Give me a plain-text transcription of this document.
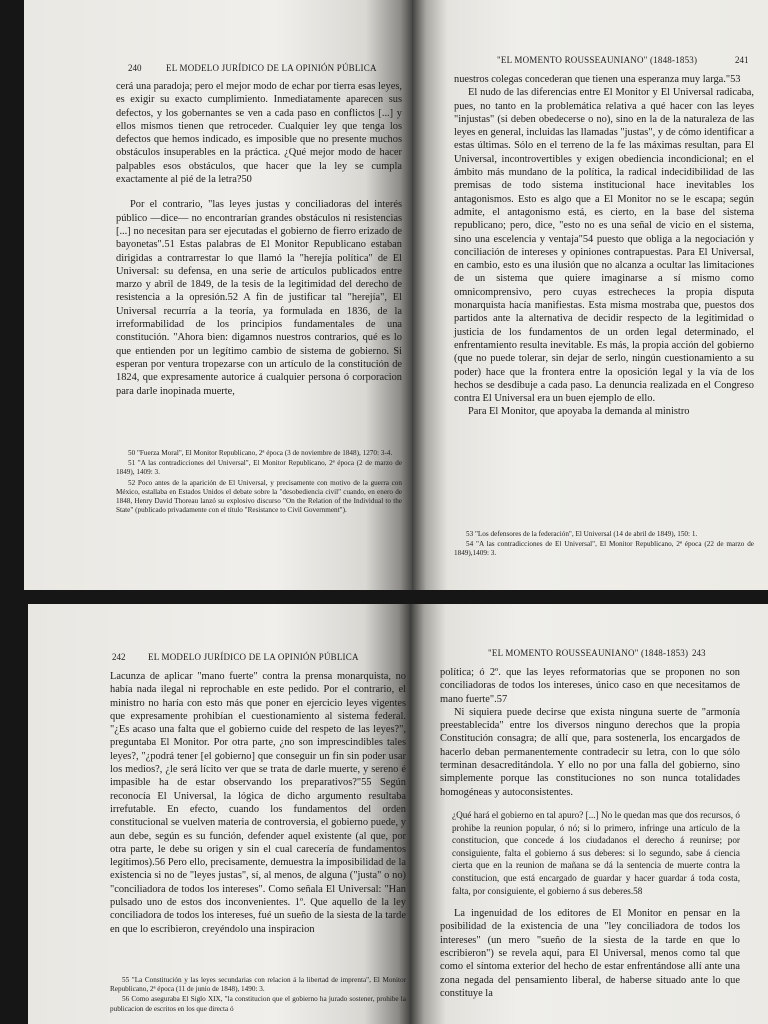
240	EL MODELO JURÍDICO DE LA OPINIÓN PÚBLICA

cerá una paradoja; pero el mejor modo de echar por tierra esas leyes, es exigir su exacto cumplimiento. Inmediatamente aparecen sus defectos, y los gobernantes se ven a cada paso en conflictos [...] y ellos mismos tienen que retroceder. Cualquier ley que tenga los defectos que hemos indicado, es imposible que no presente muchos obstáculos insuperables en la práctica. ¿Qué mejor modo de hacer palpables esos obstáculos, que hacer que la ley se cumpla exactamente al pié de la letra?50

Por el contrario, "las leyes justas y conciliadoras del interés público —dice— no encontrarían grandes obstáculos ni resistencias [...] no necesitan para ser ejecutadas el gobierno de fierro erizado de bayonetas".51 Estas palabras de El Monitor Republicano estaban dirigidas a contrarrestar lo que llamó la "herejía política" de El Universal: su defensa, en una serie de artículos publicados entre marzo y abril de 1849, de la tesis de la legitimidad del derecho de resistencia a la opresión.52 A fin de justificar tal "herejía", El Universal recurría a la teoría, ya formulada en 1836, de la irreformabilidad de los principios fundamentales de una constitución. "Ahora bien: digamnos nuestros contrarios, qué es lo que entienden por un legítimo cambio de sistema de gobierno. Si esperan por ventura tropezarse con un artículo de la constitución de 1824, que expresamente autorice á cualquier persona ó corporacion para darle inopinada muerte,

50 "Fuerza Moral", El Monitor Republicano, 2ª época (3 de noviembre de 1848), 1270: 3-4.

51 "A las contradicciones del Universal", El Monitor Republicano, 2ª época (2 de marzo de 1849), 1409: 3.

52 Poco antes de la aparición de El Universal, y precisamente con motivo de la guerra con México, estallaba en Estados Unidos el debate sobre la "desobediencia civil" cuando, en enero de 1848, Henry David Thoreau lanzó su explosivo discurso "On the Relation of the Individual to the State" (publicado privadamente con el título "Resistance to Civil Government").

"EL MOMENTO ROUSSEAUNIANO" (1848-1853)	241

nuestros colegas concederan que tienen una esperanza muy larga."53

El nudo de las diferencias entre El Monitor y El Universal radicaba, pues, no tanto en la problemática relativa a qué hacer con las leyes "injustas" (si deben obedecerse o no), sino en la de la naturaleza de las leyes en general, incluidas las llamadas "justas", y de cómo identificar a estas últimas. Sólo en el terreno de la fe las máximas resultan, para El Universal, incontrovertibles y exigen obediencia incondicional; en el ámbito más mundano de la política, la radical indecidibilidad de las premisas de todo sistema institucional hace inevitables los antagonismos. Esto es algo que a El Monitor no se le escapa; según admite, el antagonismo está, es cierto, en la base del sistema republicano; pero, dice, "esto no es una señal de vicio en el sistema, sino una escelencia y ventaja"54 puesto que obliga a la negociación y conciliación de intereses y opiniones contrapuestas. Para El Universal, en cambio, esto es una ilusión que no alcanza a ocultar las limitaciones de un sistema que quiere imaginarse a sí mismo como omnicomprensivo, pero cuyas estrecheces la propia disputa monarquista hacía manifiestas. Esta misma mostraba que, puestos dos partidos ante la alternativa de decidir respecto de la legitimidad o justicia de los fundamentos de un orden legal determinado, el enfrentamiento resulta inevitable. Es más, la propia acción del gobierno (que no puede tolerar, sin dejar de serlo, ningún cuestionamiento a su poder) hace que la frontera entre la oposición legal y la vía de los hechos se desdibuje a cada paso. La denuncia realizada en el Congreso contra El Universal era un buen ejemplo de ello.

Para El Monitor, que apoyaba la demanda al ministro

53 "Los defensores de la federación", El Universal (14 de abril de 1849), 150: 1.

54 "A las contradicciones de El Universal", El Monitor Republicano, 2ª época (22 de marzo de 1849),1409: 3.

242	EL MODELO JURÍDICO DE LA OPINIÓN PÚBLICA

Lacunza de aplicar "mano fuerte" contra la prensa monarquista, no había nada ilegal ni reprochable en este pedido. Por el contrario, el ministro no haría con esto más que poner en ejercicio leyes vigentes que expresamente prohibían el cuestionamiento al sistema federal. "¿Es acaso una falta que el gobierno cuide del respeto de las leyes?", preguntaba El Monitor. Por otra parte, ¿no son imprescindibles tales leyes?, "¿podrá tener [el gobierno] que conseguir un fin sin poder usar los medios?, ¿le será lícito ver que se trata de darle muerte, y sereno é impasible ha de estar observando los preparativos?"55 Según reconocía El Universal, la lógica de dicho argumento resultaba irrefutable. En efecto, cuando los fundamentos del orden constitucional se vuelven materia de controversia, el gobierno puede, y aun debe, según es su función, defender aquel existente (al que, por otra parte, le debe su origen y sin el cual carecería de fundamentos legítimos).56 Pero ello, precisamente, demuestra la imposibilidad de la existencia si no de "leyes justas", sí, al menos, de alguna ("justa" o no) "conciliadora de todos los intereses". Como señala El Universal: "Han pulsado uno de estos dos inconvenientes. 1º. Que aquello de la ley conciliadora de todos los intereses, fué un sueño de la siesta de la tarde en que lo escribieron, creyéndolo una inspiracion

55 "La Constitución y las leyes secundarias con relacion á la libertad de imprenta", El Monitor Republicano, 2ª época (11 de junio de 1848), 1490: 3.

56 Como aseguraba El Siglo XIX, "la constitucion que el gobierno ha jurado sostener, prohibe la publicacion de escritos en los que directa ó

"EL MOMENTO ROUSSEAUNIANO" (1848-1853) 243

política; ó 2º. que las leyes reformatorias que se proponen no son conciliadoras de todos los intereses, único caso en que necesitamos de mano fuerte".57

Ni siquiera puede decirse que exista ninguna suerte de "armonía preestablecida" entre los diversos ninguno derechos que la propia Constitución consagra; de allí que, para sostenerla, los encargados de hacerlo deban permanentemente contradecir su letra, con lo que sólo terminan desacreditándola. Y ello no por una falla del gobierno, sino simplemente porque las constituciones no son nunca totalidades homogéneas y autoconsistentes.

¿Qué hará el gobierno en tal apuro? [...] No le quedan mas que dos recursos, ó prohibe la reunion popular, ó nó; si lo primero, infringe una artículo de la constitucion, que concede á los ciudadanos el derecho á reunirse; por consiguiente, falta el gobierno á sus deberes: si lo segundo, sabe á ciencia cierta que en la reunion de mañana se dá la sentencia de muerte contra la constitucion, que está encargado de guardar y hacer guardar á toda costa, falta, por consiguiente, el gobierno á sus deberes.58

La ingenuidad de los editores de El Monitor en pensar en la posibilidad de la existencia de una "ley conciliadora de todos los intereses" (un mero "sueño de la siesta de la tarde en que lo escribieron") se revela aquí, para El Universal, menos como tal que como el síntoma exterior del hecho de estar enfrentándose allí ante una zona negada del pensamiento liberal, de haberse situado ante lo que constituye la
